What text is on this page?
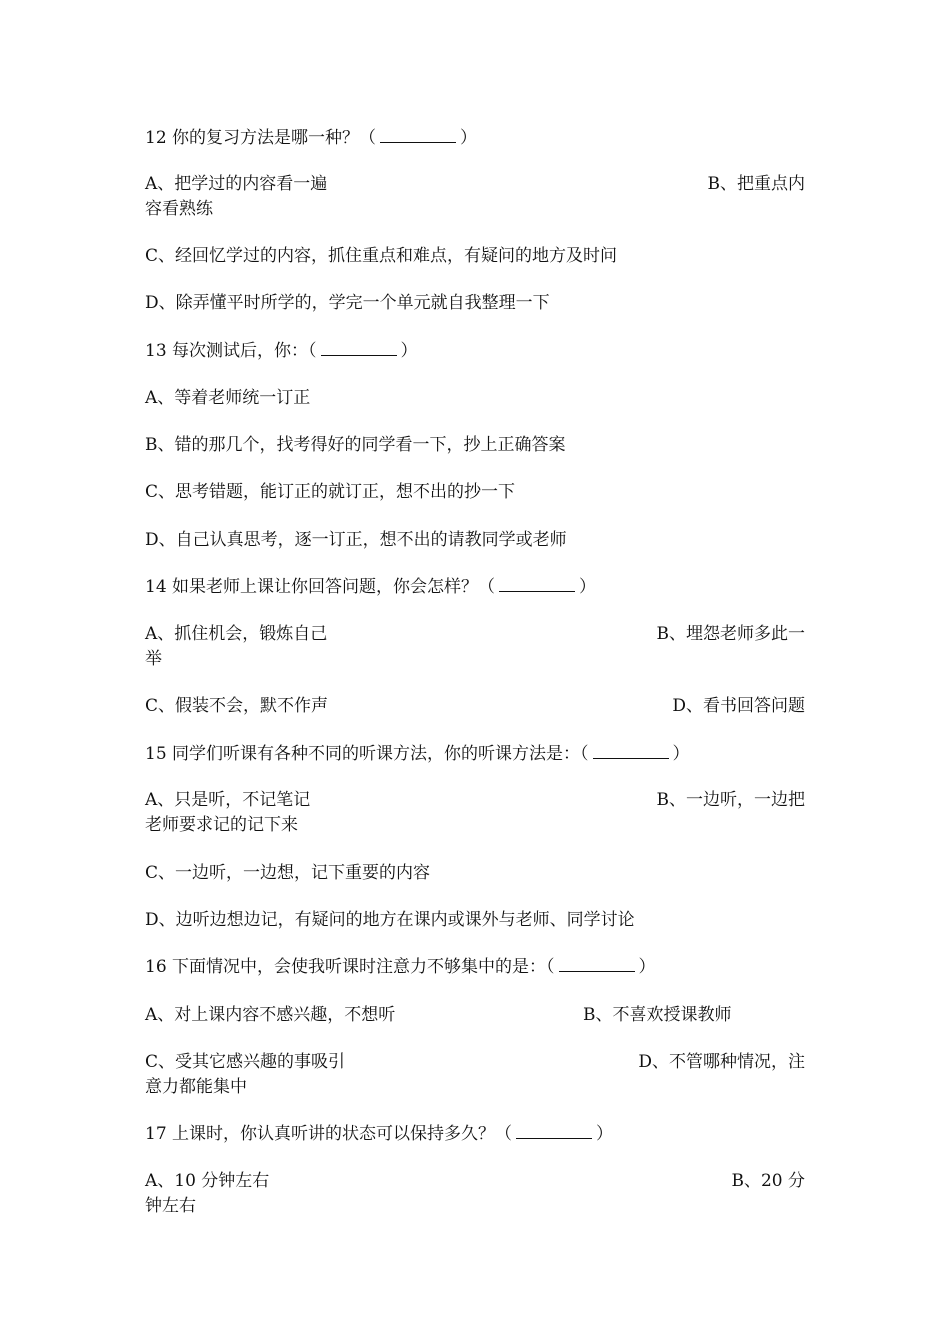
12 你的复习方法是哪一种？（	）
A、把学过的内容看一遍	B、把重点内
容看熟练
C、经回忆学过的内容，抓住重点和难点，有疑问的地方及时问
D、除弄懂平时所学的，学完一个单元就自我整理一下
13 每次测试后，你：（	）
A、等着老师统一订正
B、错的那几个，找考得好的同学看一下，抄上正确答案
C、思考错题，能订正的就订正，想不出的抄一下
D、自己认真思考，逐一订正，想不出的请教同学或老师
14 如果老师上课让你回答问题，你会怎样？（	）
A、抓住机会，锻炼自己	B、埋怨老师多此一
举
C、假装不会，默不作声	D、看书回答问题
15 同学们听课有各种不同的听课方法，你的听课方法是：（	）
A、只是听，不记笔记	B、一边听，一边把
老师要求记的记下来
C、一边听，一边想，记下重要的内容
D、边听边想边记，有疑问的地方在课内或课外与老师、同学讨论
16 下面情况中，会使我听课时注意力不够集中的是：（	）
A、对上课内容不感兴趣，不想听	B、不喜欢授课教师
C、受其它感兴趣的事吸引	D、不管哪种情况，注
意力都能集中
17 上课时，你认真听讲的状态可以保持多久？（	）
A、10 分钟左右	B、20 分
钟左右
